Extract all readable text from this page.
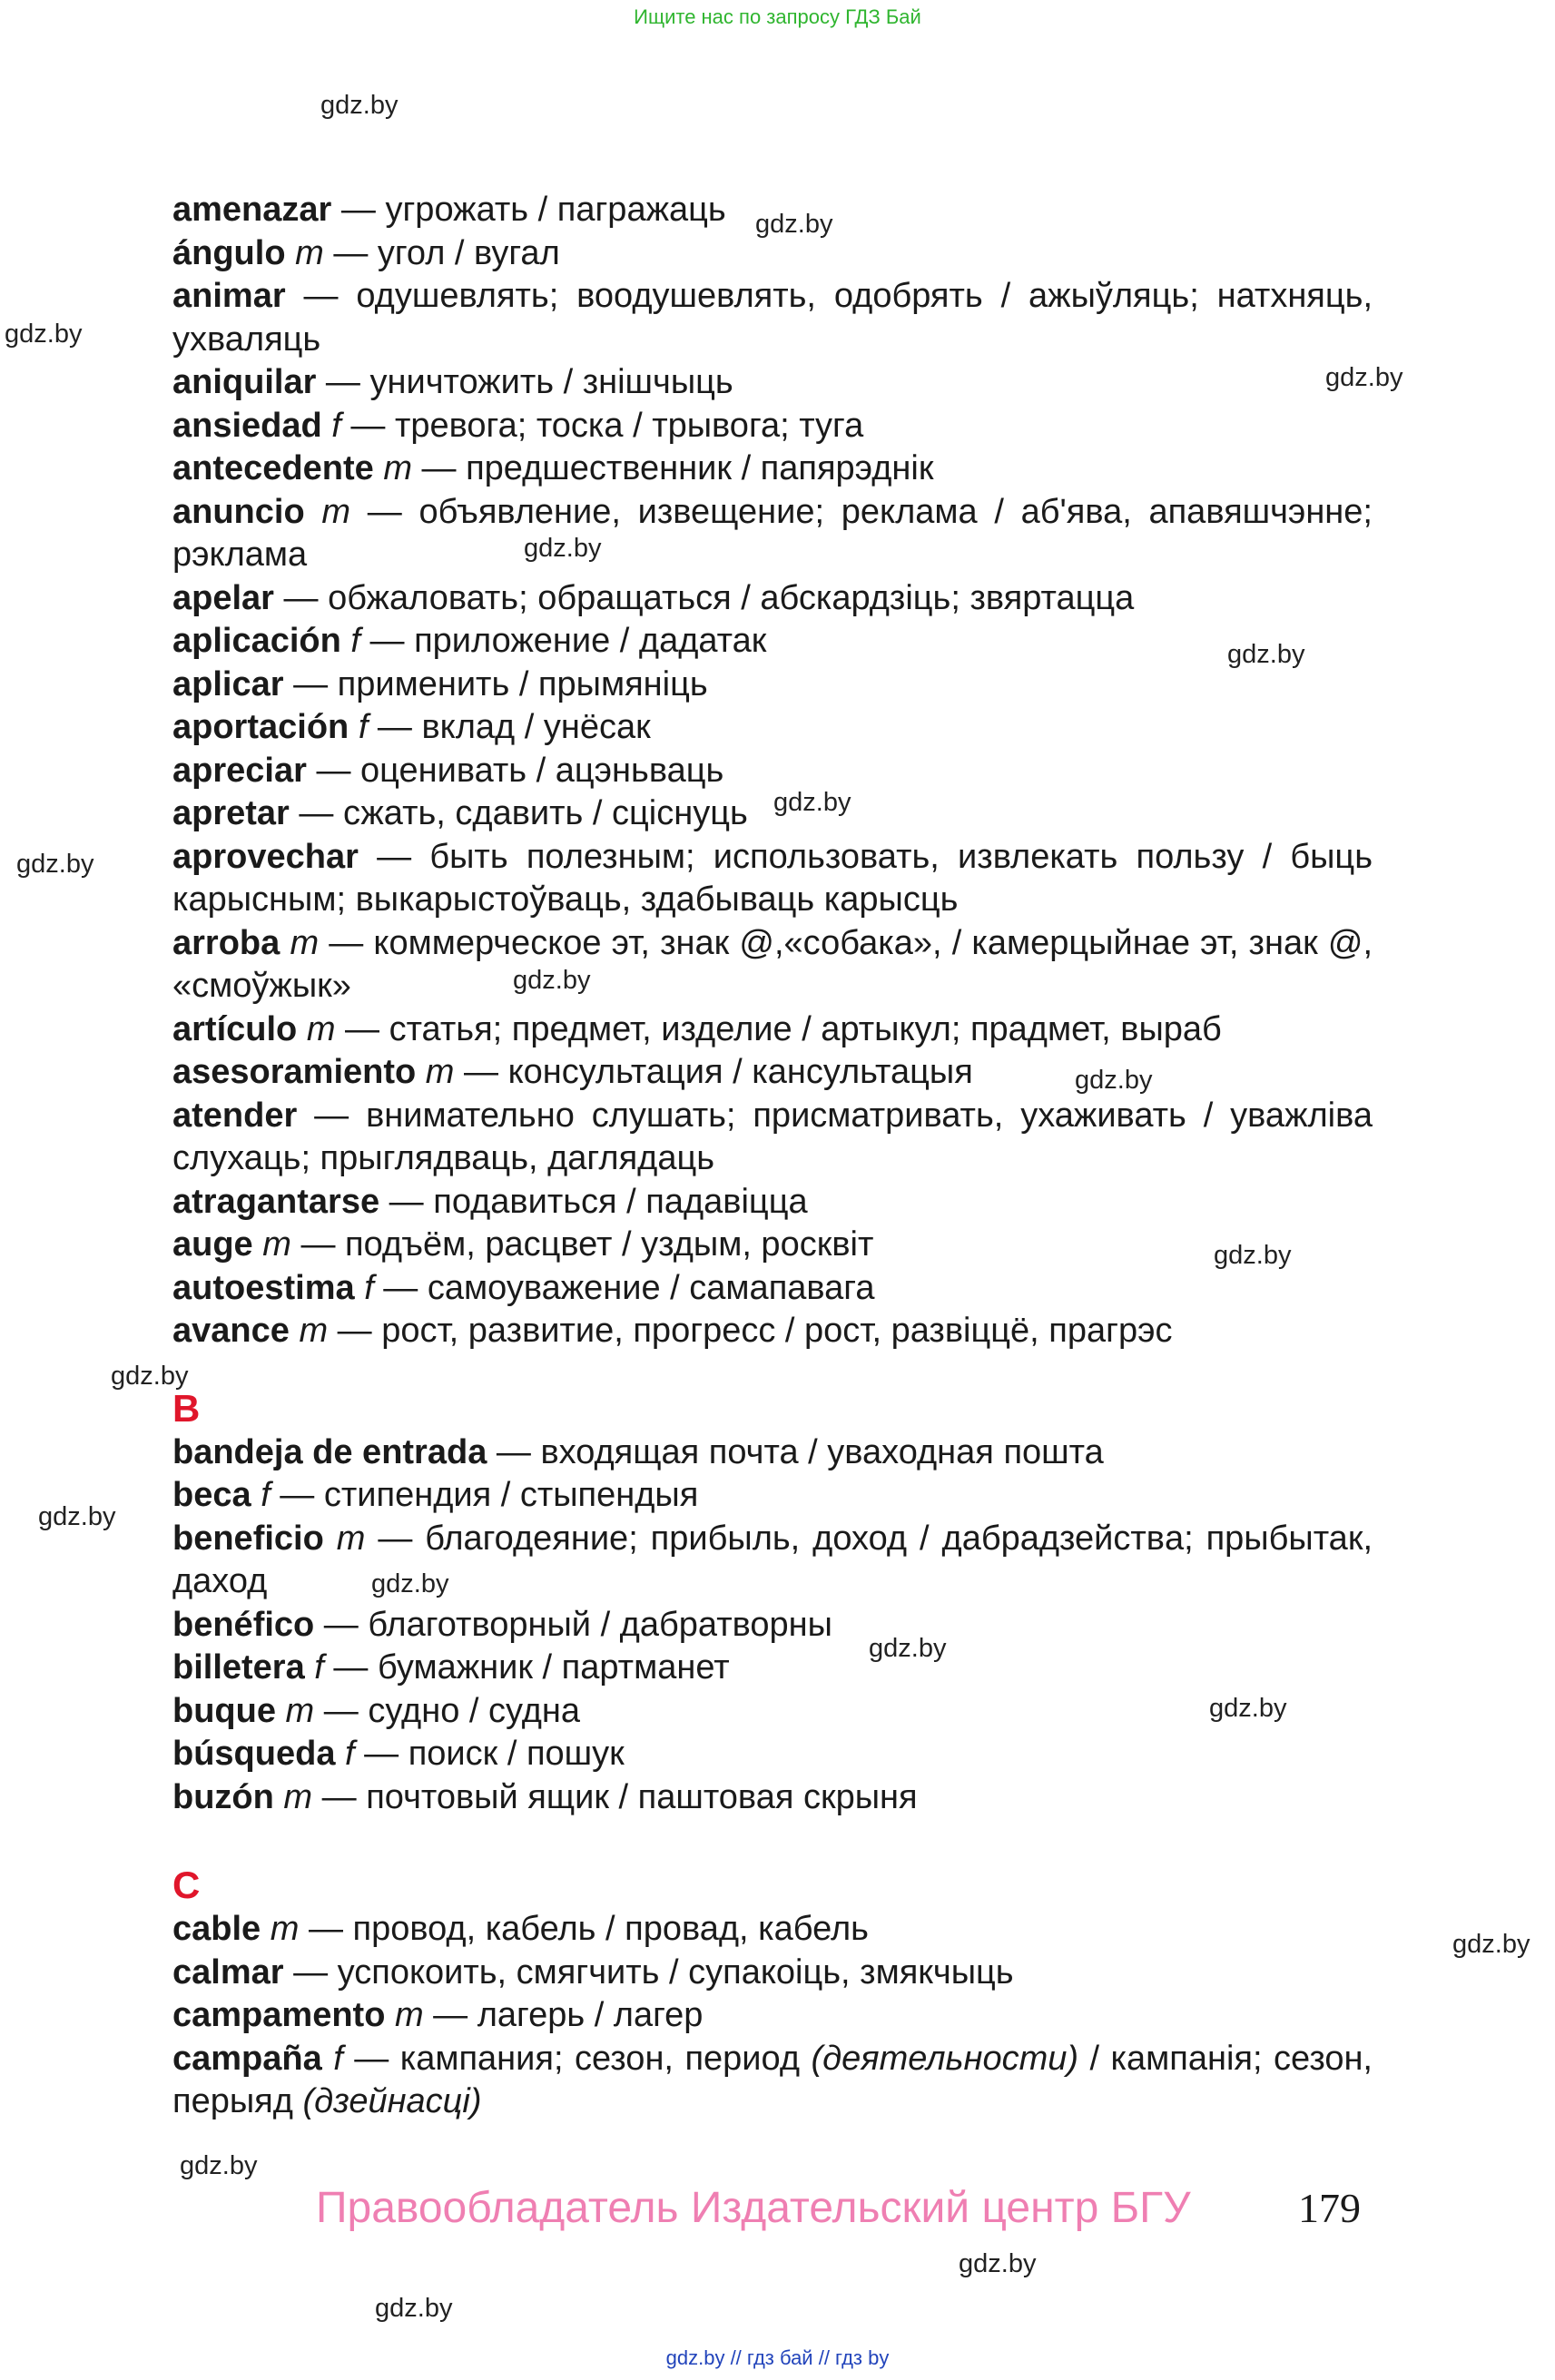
Ищите нас по запросу ГДЗ Бай
gdz.by
gdz.by
gdz.by
gdz.by
gdz.by
gdz.by
gdz.by
gdz.by
gdz.by
gdz.by
gdz.by
gdz.by
gdz.by
gdz.by
gdz.by
gdz.by
gdz.by
gdz.by
gdz.by
gdz.by

amenazar — угрожать / пагражаць

ángulo m — угол / вугал

animar — одушевлять; воодушевлять, одобрять / ажыўляць; натхняць, ухваляць

aniquilar — уничтожить / знішчыць

ansiedad f — тревога; тоска / трывога; туга

antecedente m — предшественник / папярэднік

anuncio m — объявление, извещение; реклама / аб'ява, апавяшчэнне; рэклама

apelar — обжаловать; обращаться / абскардзіць; звяртацца

aplicación f — приложение / дадатак

aplicar — применить / прымяніць

aportación f — вклад / унёсак

apreciar — оценивать / ацэньваць

apretar — сжать, сдавить / сціснуць

aprovechar — быть полезным; использовать, извлекать пользу / быць карысным; выкарыстоўваць, здабываць карысць

arroba m — коммерческое эт, знак @,«собака», / камерцыйнае эт, знак @, «смоўжык»

artículo m — статья; предмет, изделие / артыкул; прадмет, выраб

asesoramiento m — консультация / кансультацыя

atender — внимательно слушать; присматривать, ухаживать / уважліва слухаць; прыглядваць, даглядаць

atragantarse — подавиться / падавіцца

auge m — подъём, расцвет / уздым, росквіт

autoestima f — самоуважение / самапавага

avance m — рост, развитие, прогресс / рост, развіццё, прагрэс

B

bandeja de entrada — входящая почта / уваходная пошта

beca f — стипендия / стыпендыя

beneficio m — благодеяние; прибыль, доход / дабрадзействa; прыбытак, даход

benéfico — благотворный / дабратворны

billetera f — бумажник / партманет

buque m — судно / судна

búsqueda f — поиск / пошук

buzón m — почтовый ящик / паштовая скрыня

C

cable m — провод, кабель / провад, кабель

calmar — успокоить, смягчить / супакоіць, змякчыць

campamento m — лагерь / лагер

campaña f — кампания; сезон, период (деятельности) / кампанія; сезон, перыяд (дзейнасці)

Правообладатель Издательский центр БГУ	179
gdz.by // гдз бай // гдз by
